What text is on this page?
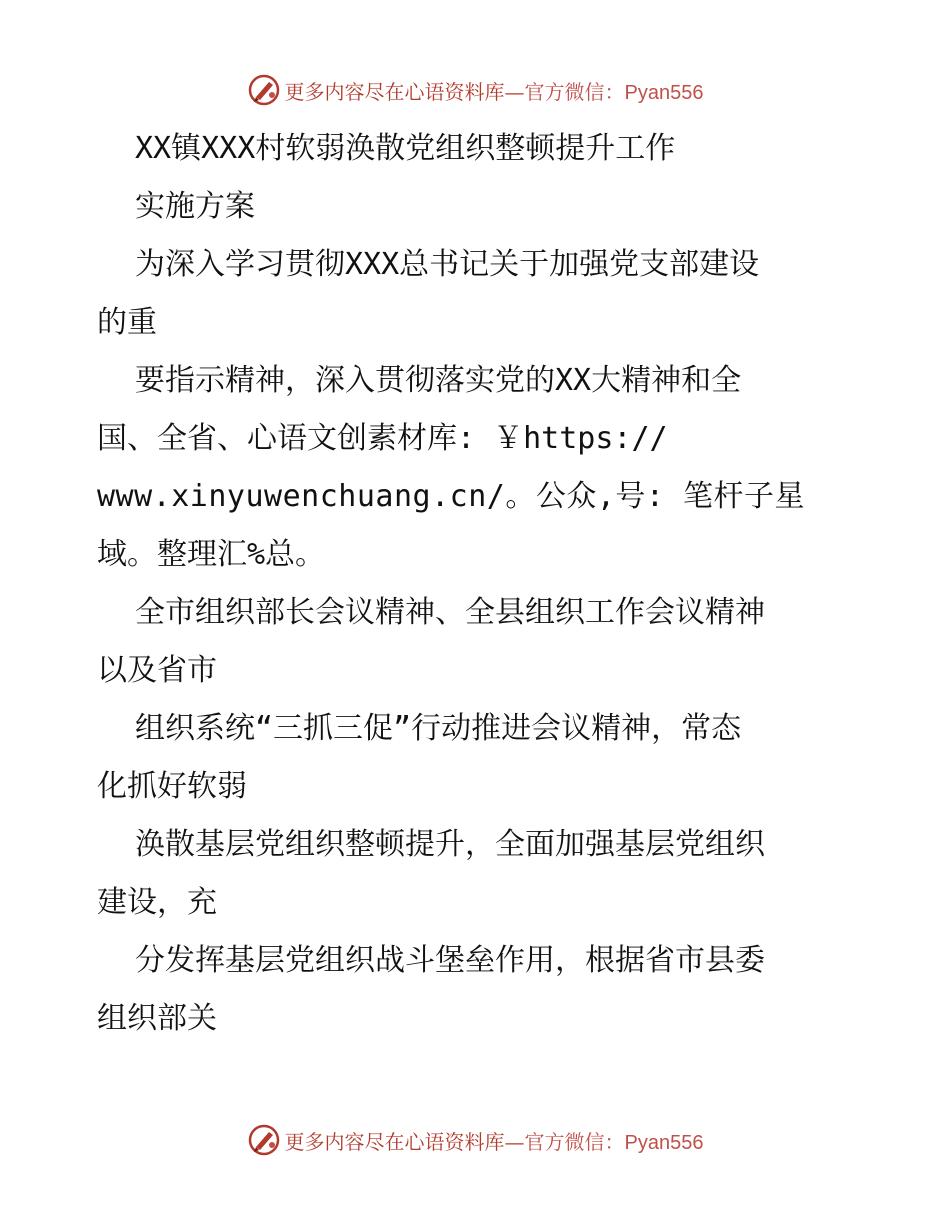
更多内容尽在心语资料库—官方微信：Pyan556
XX镇XXX村软弱涣散党组织整顿提升工作
实施方案
为深入学习贯彻XXX总书记关于加强党支部建设
的重
要指示精神，深入贯彻落实党的XX大精神和全
国、全省、心语文创素材库: ￥https://
www.xinyuwenchuang.cn/。公众,号: 笔杆子星
域。整理汇%总。
全市组织部长会议精神、全县组织工作会议精神
以及省市
组织系统“三抓三促”行动推进会议精神，常态
化抓好软弱
涣散基层党组织整顿提升，全面加强基层党组织
建设，充
分发挥基层党组织战斗堡垒作用，根据省市县委
组织部关
更多内容尽在心语资料库—官方微信：Pyan556
